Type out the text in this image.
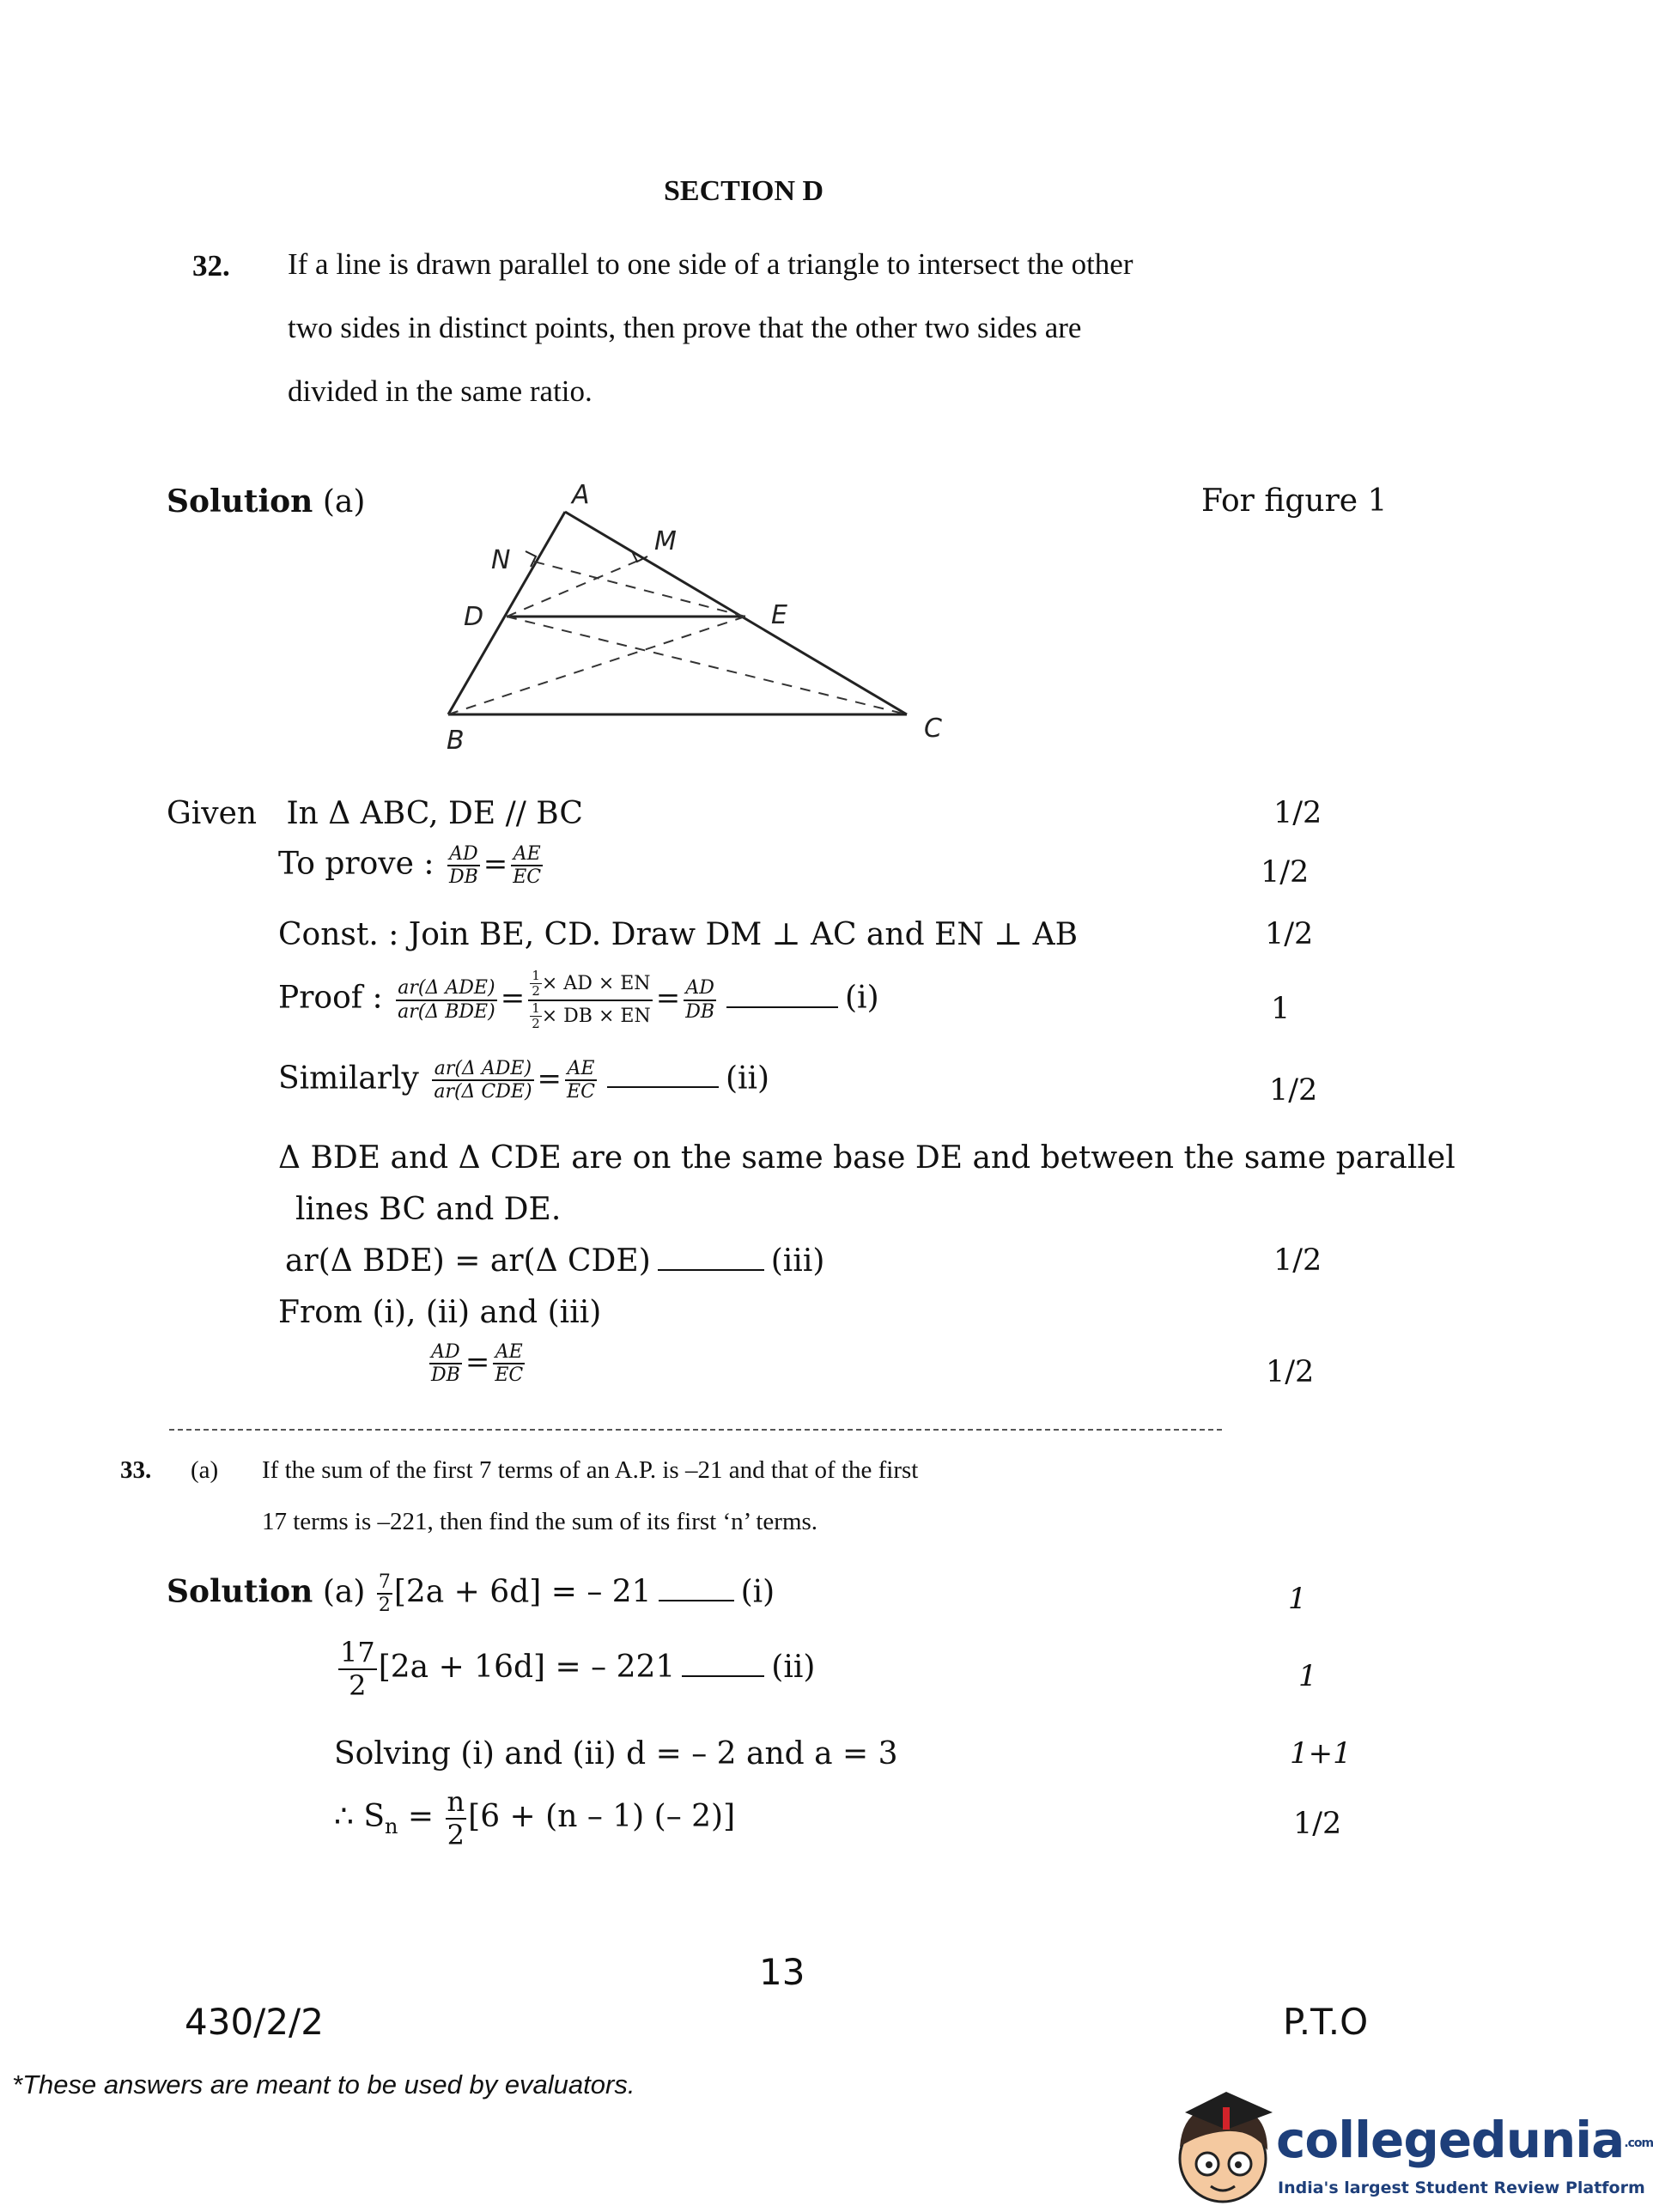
SECTION D
32. If a line is drawn parallel to one side of a triangle to intersect the other
two sides in distinct points, then prove that the other two sides are
divided in the same ratio.
Solution (a)	For figure 1
A
M
N
D	E
B	C
Given In Δ ABC, DE // BC	1/2
To prove : $\frac{AD}{DB} = \frac{AE}{EC}$	1/2
Const. : Join BE, CD. Draw DM ⊥ AC and EN ⊥ AB	1/2
Proof : $\frac{\text{ar(Δ ADE)}}{\text{ar(Δ BDE)}} = \frac{\frac{1}{2} \times AD \times EN}{\frac{1}{2} \times DB \times EN} = \frac{AD}{DB}$	(i)	1
Similarly $\frac{\text{ar(Δ ADE)}}{\text{ar(Δ CDE)}} = \frac{AE}{EC}$	(ii)	1/2
Δ BDE and Δ CDE are on the same base DE and between the same parallel
lines BC and DE.
ar(Δ BDE) = ar(Δ CDE)	(iii)	1/2
From (i), (ii) and (iii)
$\frac{AD}{DB} = \frac{AE}{EC}$	1/2
33. (a) If the sum of the first 7 terms of an A.P. is –21 and that of the first
17 terms is –221, then find the sum of its first ‘n’ terms.
Solution $(a) \frac{7}{2} [2a + 6d]$ = – 21	(i)	1
$\frac{17}{2} [2a + 16d]$ = – 221	(ii)	1
Solving (i) and (ii) d = – 2 and a = 3	1+1
∴ $S_n = \frac{n}{2} [6 + (n - 1)$ (– 2)]	1/2
13
430/2/2	P.T.O
*These answers are meant to be used by evaluators.
collegedunia.com
India's largest Student Review Platform
